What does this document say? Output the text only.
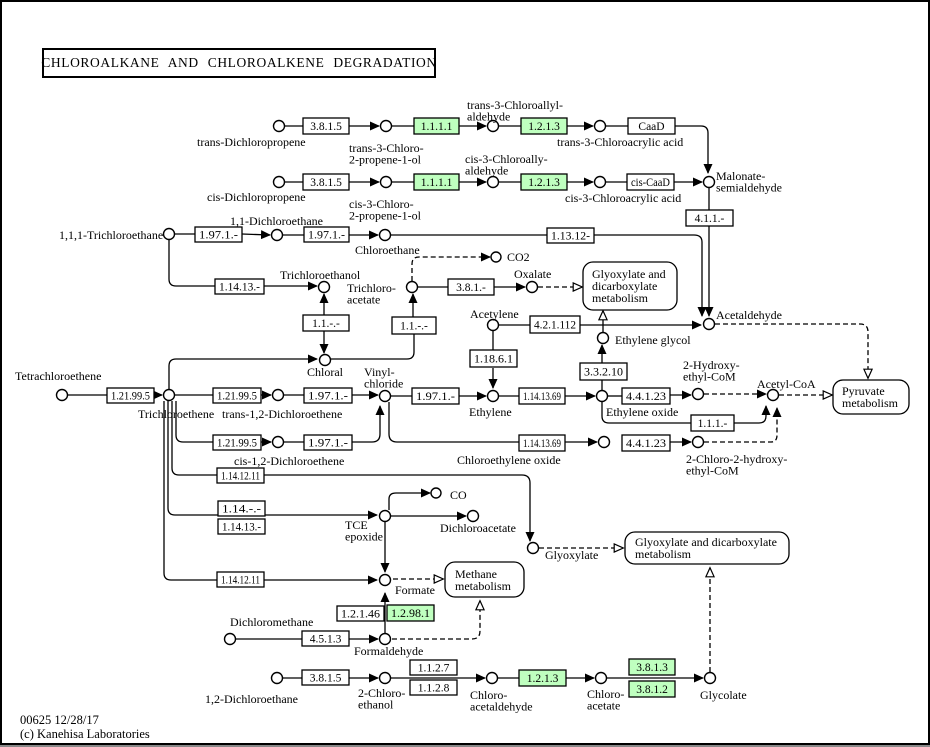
3.8.1.5	1.1.1.1	1.2.1.3	CaaD
3.8.1.5	1.1.1.1	1.2.1.3	cis-CaaD
4.1.1.-
1.97.1.-	1.97.1.-	1.13.12-
1.14.13.-
1.1.-.-	1.1.-.-
3.8.1.-
1.18.6.1
4.2.1.112
3.3.2.10
1.21.99.5	1.21.99.5	1.97.1.-	1.97.1.-	1.14.13.69	4.4.1.23
1.1.1.-
1.21.99.5	1.97.1.-	1.14.13.69	4.4.1.23
1.14.12.11
1.14.-.-
1.14.13.-
1.14.12.11
1.2.1.46 1.2.98.1
4.5.1.3
3.8.1.5
1.1.2.7
1.1.2.8
1.2.1.3
3.8.1.3
3.8.1.2
Glyoxylate and dicarboxylate metabolism
Pyruvate metabolism
Methane metabolism
Glyoxylate and dicarboxylate metabolism
trans-Dichloropropene	trans-3-Chloro-2-propene-1-ol
trans-3-Chloroallyl-aldehyde
trans-3-Chloroacrylic acid
cis-Dichloropropene	cis-3-Chloro-2-propene-1-ol
cis-3-Chloroally-aldehyde
cis-3-Chloroacrylic acid
Malonate-semialdehyde
1,1,1-Trichloroethane
1,1-Dichloroethane
Chloroethane
Trichloroethanol
Trichloro-acetate
CO2
Oxalate
Chloral
Acetylene
Ethylene glycol
Acetaldehyde
Tetrachloroethene
Trichloroethene trans-1,2-Dichloroethene
Vinyl-chloride
Ethylene	Ethylene oxide
2-Hydroxy-ethyl-CoM
Acetyl-CoA
cis-1,2-Dichloroethene	Chloroethylene oxide	2-Chloro-2-hydroxy-ethyl-CoM
Glyoxylate
CO
Dichloroacetate
TCE epoxide
Formate
Formaldehyde
Dichloromethane
1,2-Dichloroethane	2-Chloro-ethanol
Chloro-acetaldehyde
Chloro-acetate
Glycolate
CHLOROALKANE AND CHLOROALKENE DEGRADATION
00625 12/28/17
(c) Kanehisa Laboratories
